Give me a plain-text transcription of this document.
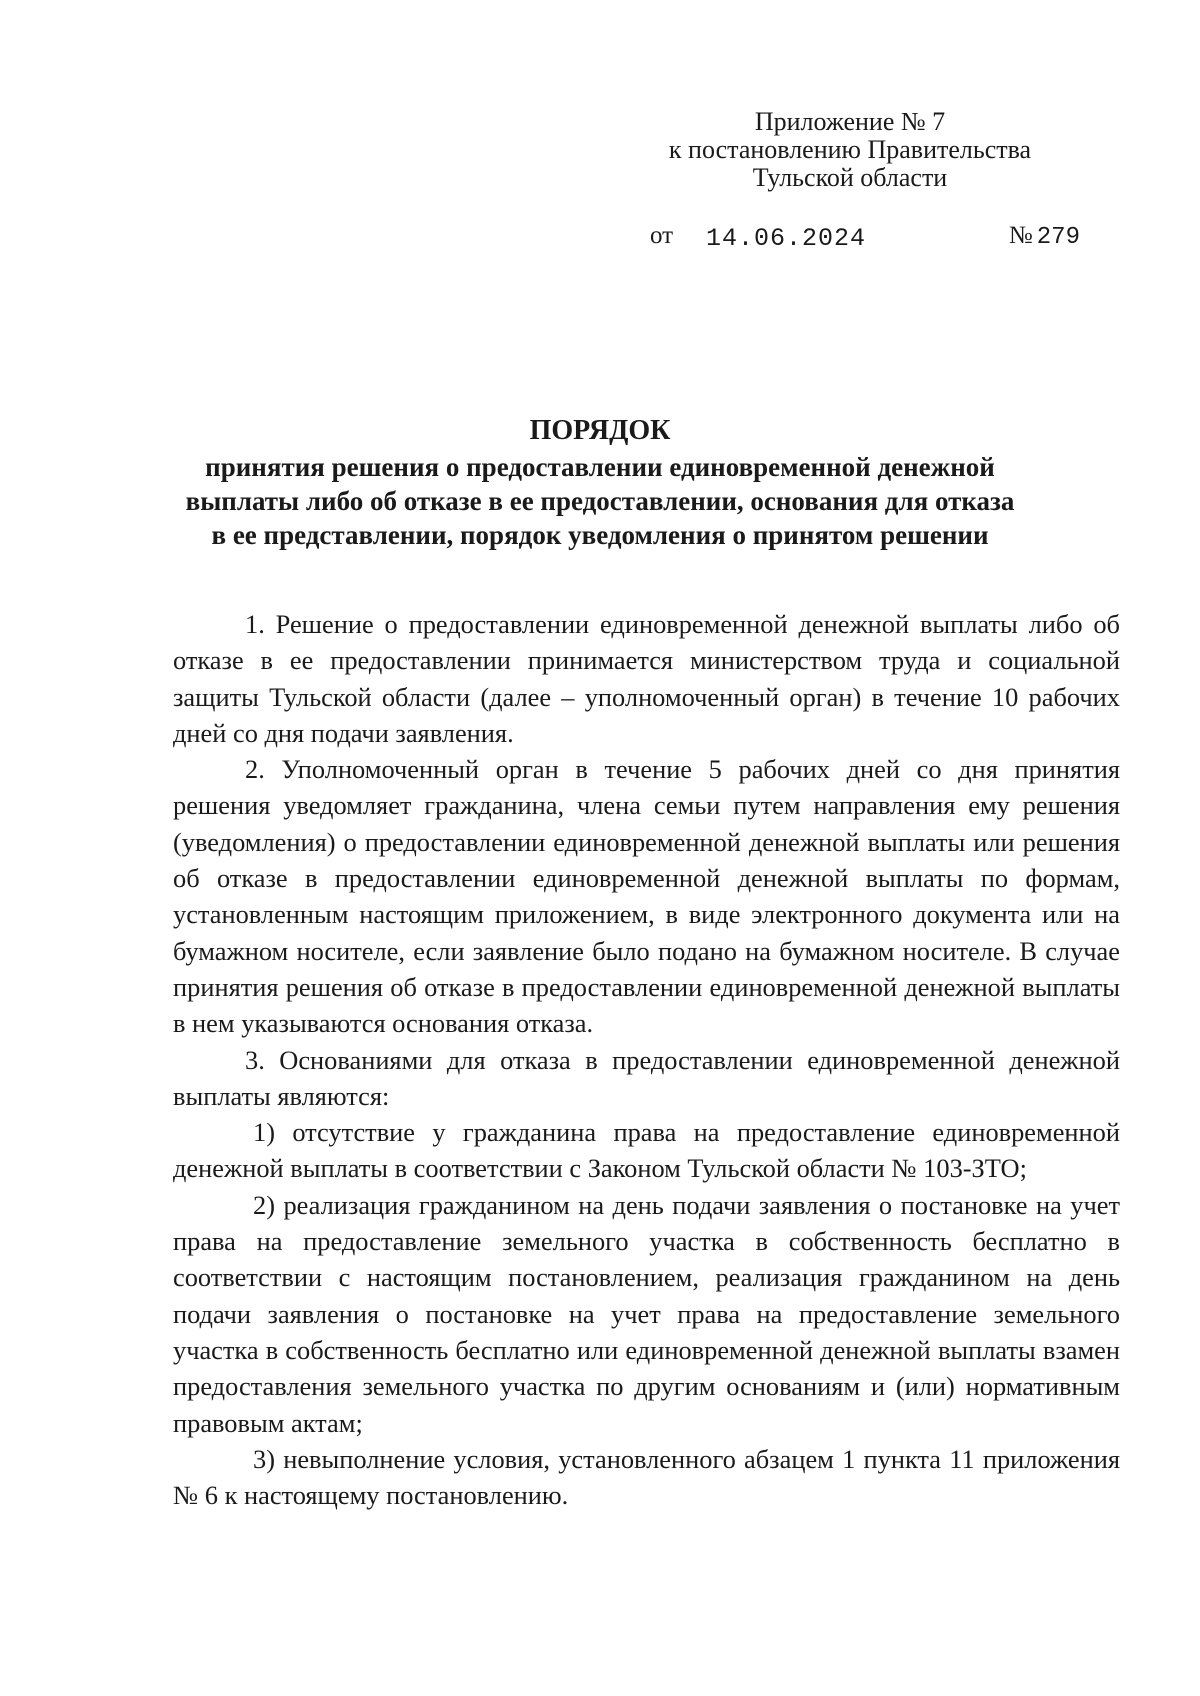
Приложение № 7
к постановлению Правительства
Тульской области
от 14.06.2024	№ 279
ПОРЯДОК
принятия решения о предоставлении единовременной денежной
выплаты либо об отказе в ее предоставлении, основания для отказа
в ее представлении, порядок уведомления о принятом решении

1. Решение о предоставлении единовременной денежной выплаты либо об отказе в ее предоставлении принимается министерством труда и социальной защиты Тульской области (далее – уполномоченный орган) в течение 10 рабочих дней со дня подачи заявления.

2. Уполномоченный орган в течение 5 рабочих дней со дня принятия решения уведомляет гражданина, члена семьи путем направления ему решения (уведомления) о предоставлении единовременной денежной выплаты или решения об отказе в предоставлении единовременной денежной выплаты по формам, установленным настоящим приложением, в виде электронного документа или на бумажном носителе, если заявление было подано на бумажном носителе. В случае принятия решения об отказе в предоставлении единовременной денежной выплаты в нем указываются основания отказа.

3. Основаниями для отказа в предоставлении единовременной денежной выплаты являются:

1) отсутствие у гражданина права на предоставление единовременной денежной выплаты в соответствии с Законом Тульской области № 103-ЗТО;

2) реализация гражданином на день подачи заявления о постановке на учет права на предоставление земельного участка в собственность бесплатно в соответствии с настоящим постановлением, реализация гражданином на день подачи заявления о постановке на учет права на предоставление земельного участка в собственность бесплатно или единовременной денежной выплаты взамен предоставления земельного участка по другим основаниям и (или) нормативным правовым актам;

3) невыполнение условия, установленного абзацем 1 пункта 11 приложения № 6 к настоящему постановлению.
